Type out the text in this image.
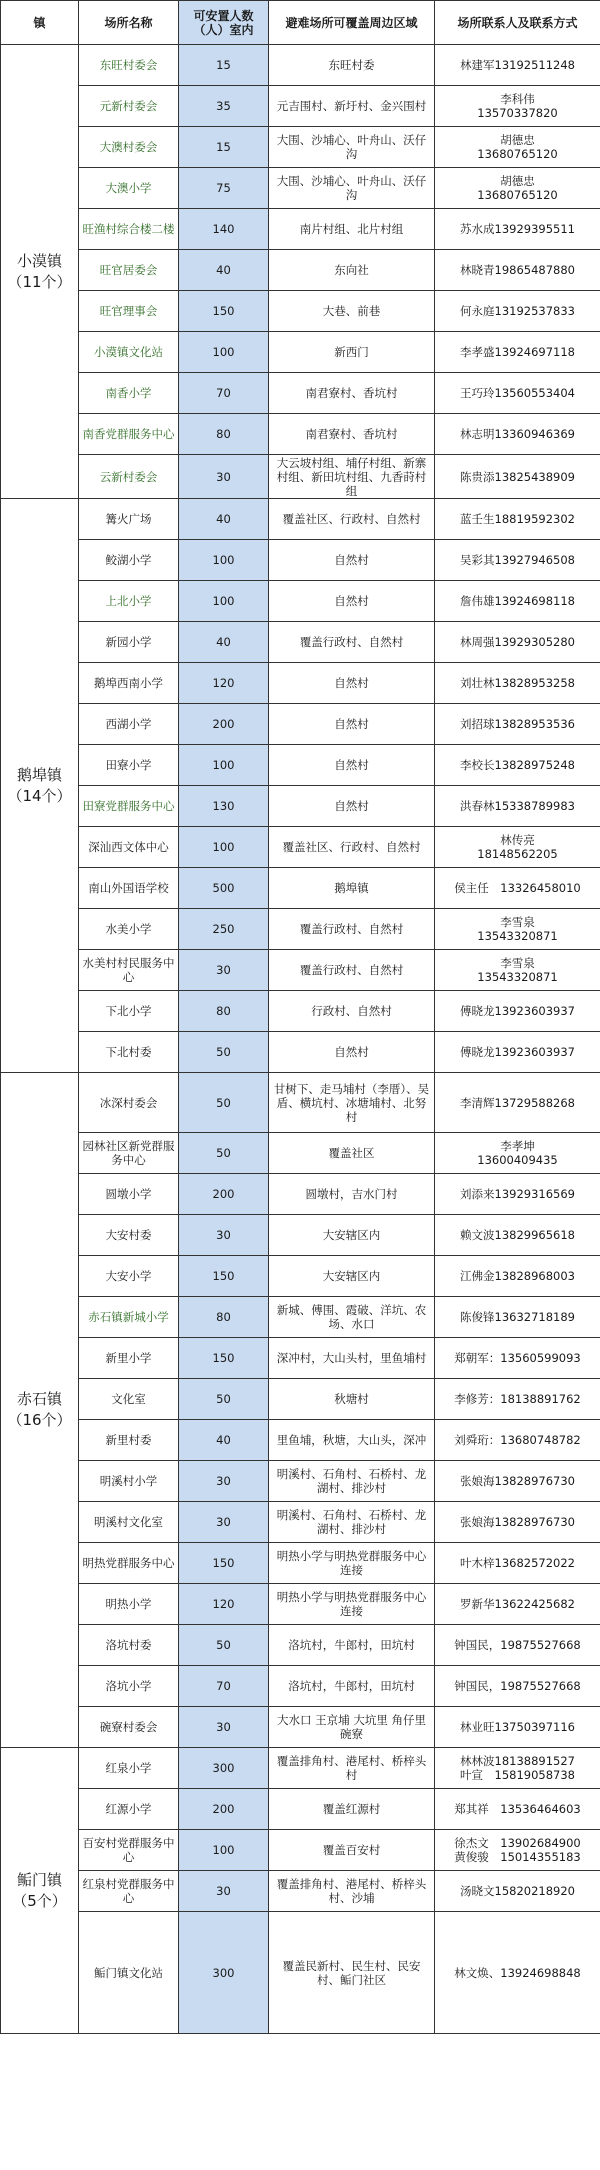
镇	场所名称	可安置人数（人）室内	避难场所可覆盖周边区域	场所联系人及联系方式

小漠镇
（11个）	东旺村委会	15	东旺村委	林建军13192511248

	元新村委会	35	元吉围村、新圩村、金兴围村	李科伟
13570337820

	大澳村委会	15	大围、沙埔心、叶舟山、沃仔沟	胡德忠
13680765120

	大澳小学	75	大围、沙埔心、叶舟山、沃仔沟	胡德忠
13680765120

	旺渔村综合楼二楼	140	南片村组、北片村组	苏水成13929395511

	旺官居委会	40	东向社	林晓青19865487880

	旺官理事会	150	大巷、前巷	何永庭13192537833

	小漠镇文化站	100	新西门	李孝盛13924697118

	南香小学	70	南君寮村、香坑村	王巧玲13560553404

	南香党群服务中心	80	南君寮村、香坑村	林志明13360946369

	云新村委会	30	大云坡村组、埔仔村组、新寨村组、新田坑村组、九香莳村组	陈贵添13825438909

鹅埠镇
（14个）	篝火广场	40	覆盖社区、行政村、自然村	蓝壬生18819592302

	鲛湖小学	100	自然村	吴彩其13927946508

	上北小学	100	自然村	詹伟雄13924698118

	新园小学	40	覆盖行政村、自然村	林周强13929305280

	鹅埠西南小学	120	自然村	刘壮林13828953258

	西湖小学	200	自然村	刘招球13828953536

	田寮小学	100	自然村	李校长13828975248

	田寮党群服务中心	130	自然村	洪春林15338789983

	深汕西文体中心	100	覆盖社区、行政村、自然村	林传亮
18148562205

	南山外国语学校	500	鹅埠镇	侯主任　13326458010

	水美小学	250	覆盖行政村、自然村	李雪泉
13543320871

	水美村村民服务中心	30	覆盖行政村、自然村	李雪泉
13543320871

	下北小学	80	行政村、自然村	傅晓龙13923603937

	下北村委	50	自然村	傅晓龙13923603937

赤石镇
（16个）	冰深村委会	50	甘树下、走马埔村（李厝）、吴盾、横坑村、冰塘埔村、北努村	李清辉13729588268

	园林社区新党群服务中心	50	覆盖社区	李孝坤
13600409435

	圆墩小学	200	圆墩村，吉水门村	刘添来13929316569

	大安村委	30	大安辖区内	赖文波13829965618

	大安小学	150	大安辖区内	江佛金13828968003

	赤石镇新城小学	80	新城、傅围、霞破、洋坑、农场、水口	陈俊锋13632718189

	新里小学	150	深冲村，大山头村，里鱼埔村	郑朝军：13560599093

	文化室	50	秋塘村	李修芳：18138891762

	新里村委	40	里鱼埔，秋塘，大山头，深冲	刘舜珩：13680748782

	明溪村小学	30	明溪村、石角村、石桥村、龙湖村、排沙村	张娘海13828976730

	明溪村文化室	30	明溪村、石角村、石桥村、龙湖村、排沙村	张娘海13828976730

	明热党群服务中心	150	明热小学与明热党群服务中心连接	叶木梓13682572022

	明热小学	120	明热小学与明热党群服务中心连接	罗新华13622425682

	洛坑村委	50	洛坑村，牛郎村，田坑村	钟国民，19875527668

	洛坑小学	70	洛坑村，牛郎村，田坑村	钟国民，19875527668

	碗寮村委会	30	大水口 王京埔 大坑里 角仔里 碗寮	林业旺13750397116

鲘门镇
（5个）	红泉小学	300	覆盖排角村、港尾村、桥梓头村	林林波18138891527
叶宣　15819058738

	红源小学	200	覆盖红源村	郑其祥　13536464603

	百安村党群服务中心	100	覆盖百安村	徐杰文　13902684900
黄俊骏　15014355183

	红泉村党群服务中心	30	覆盖排角村、港尾村、桥梓头村、沙埔	汤晓文15820218920

	鲘门镇文化站	300	覆盖民新村、民生村、民安村、鲘门社区	林文焕、13924698848
